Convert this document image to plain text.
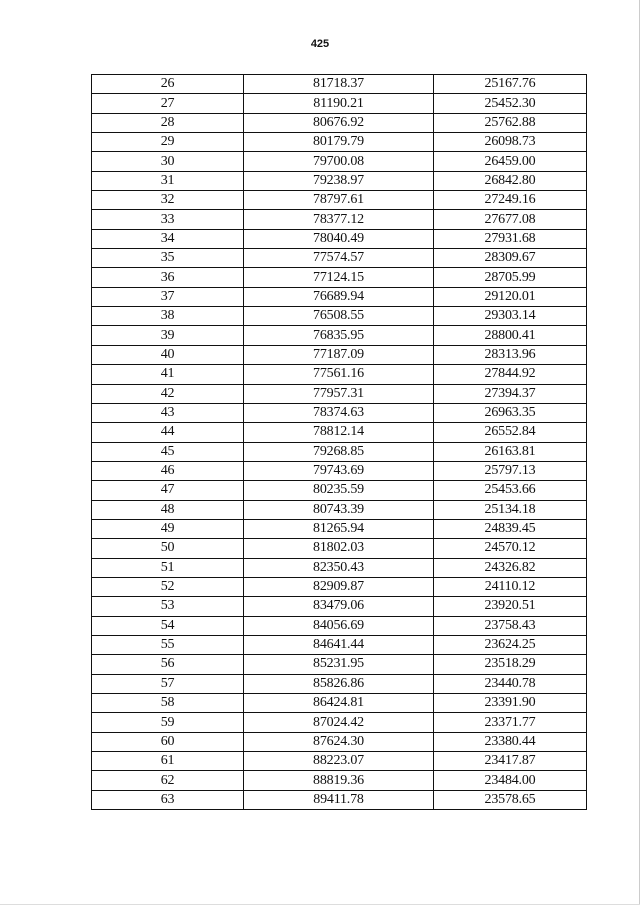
425
26	81718.37	25167.76
27	81190.21	25452.30
28	80676.92	25762.88
29	80179.79	26098.73
30	79700.08	26459.00
31	79238.97	26842.80
32	78797.61	27249.16
33	78377.12	27677.08
34	78040.49	27931.68
35	77574.57	28309.67
36	77124.15	28705.99
37	76689.94	29120.01
38	76508.55	29303.14
39	76835.95	28800.41
40	77187.09	28313.96
41	77561.16	27844.92
42	77957.31	27394.37
43	78374.63	26963.35
44	78812.14	26552.84
45	79268.85	26163.81
46	79743.69	25797.13
47	80235.59	25453.66
48	80743.39	25134.18
49	81265.94	24839.45
50	81802.03	24570.12
51	82350.43	24326.82
52	82909.87	24110.12
53	83479.06	23920.51
54	84056.69	23758.43
55	84641.44	23624.25
56	85231.95	23518.29
57	85826.86	23440.78
58	86424.81	23391.90
59	87024.42	23371.77
60	87624.30	23380.44
61	88223.07	23417.87
62	88819.36	23484.00
63	89411.78	23578.65
